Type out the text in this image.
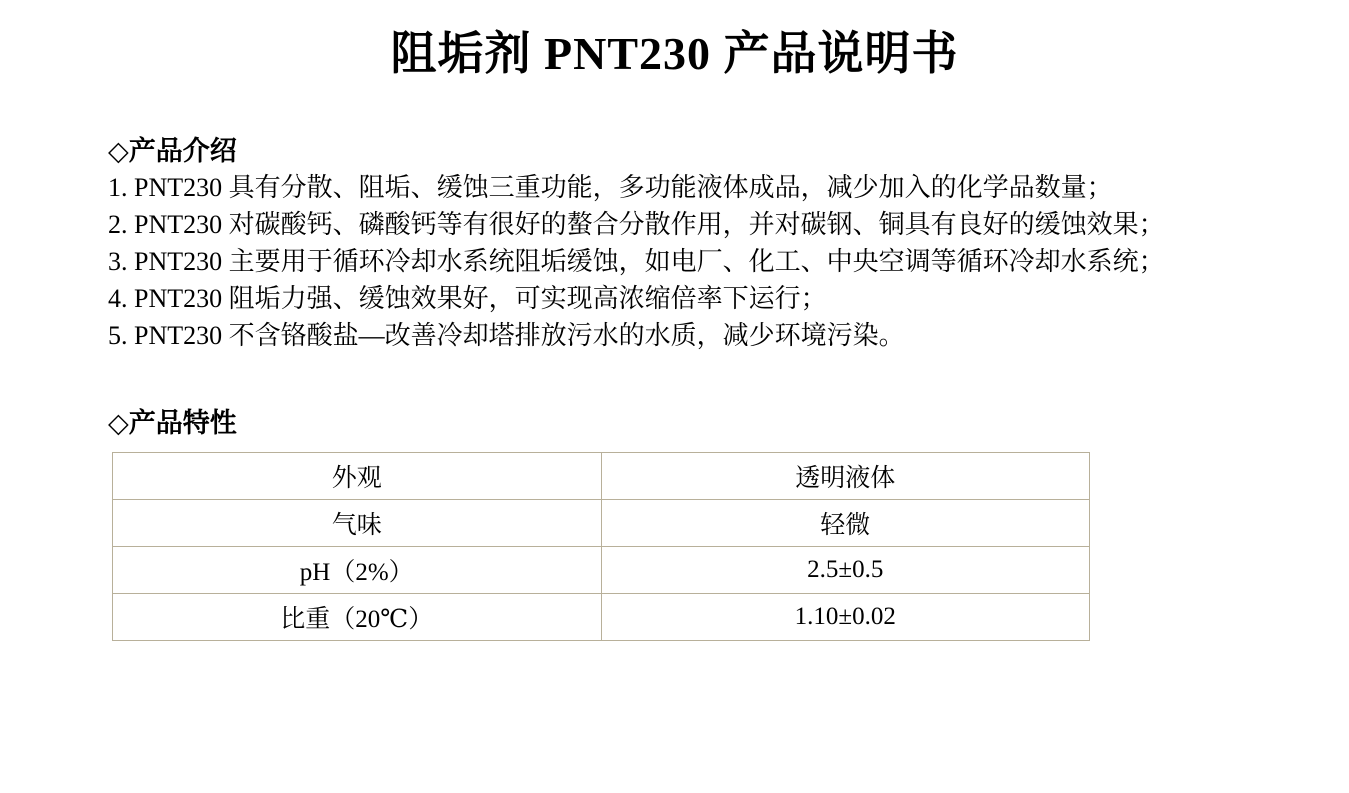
阻垢剂 PNT230 产品说明书
◇产品介绍

1. PNT230 具有分散、阻垢、缓蚀三重功能，多功能液体成品，减少加入的化学品数量；

2. PNT230 对碳酸钙、磷酸钙等有很好的螯合分散作用，并对碳钢、铜具有良好的缓蚀效果；

3. PNT230 主要用于循环冷却水系统阻垢缓蚀，如电厂、化工、中央空调等循环冷却水系统；

4. PNT230 阻垢力强、缓蚀效果好，可实现高浓缩倍率下运行；

5. PNT230 不含铬酸盐—改善冷却塔排放污水的水质，减少环境污染。

◇产品特性
外观	透明液体
气味	轻微
pH（2%）	2.5±0.5
比重（20℃）	1.10±0.02
